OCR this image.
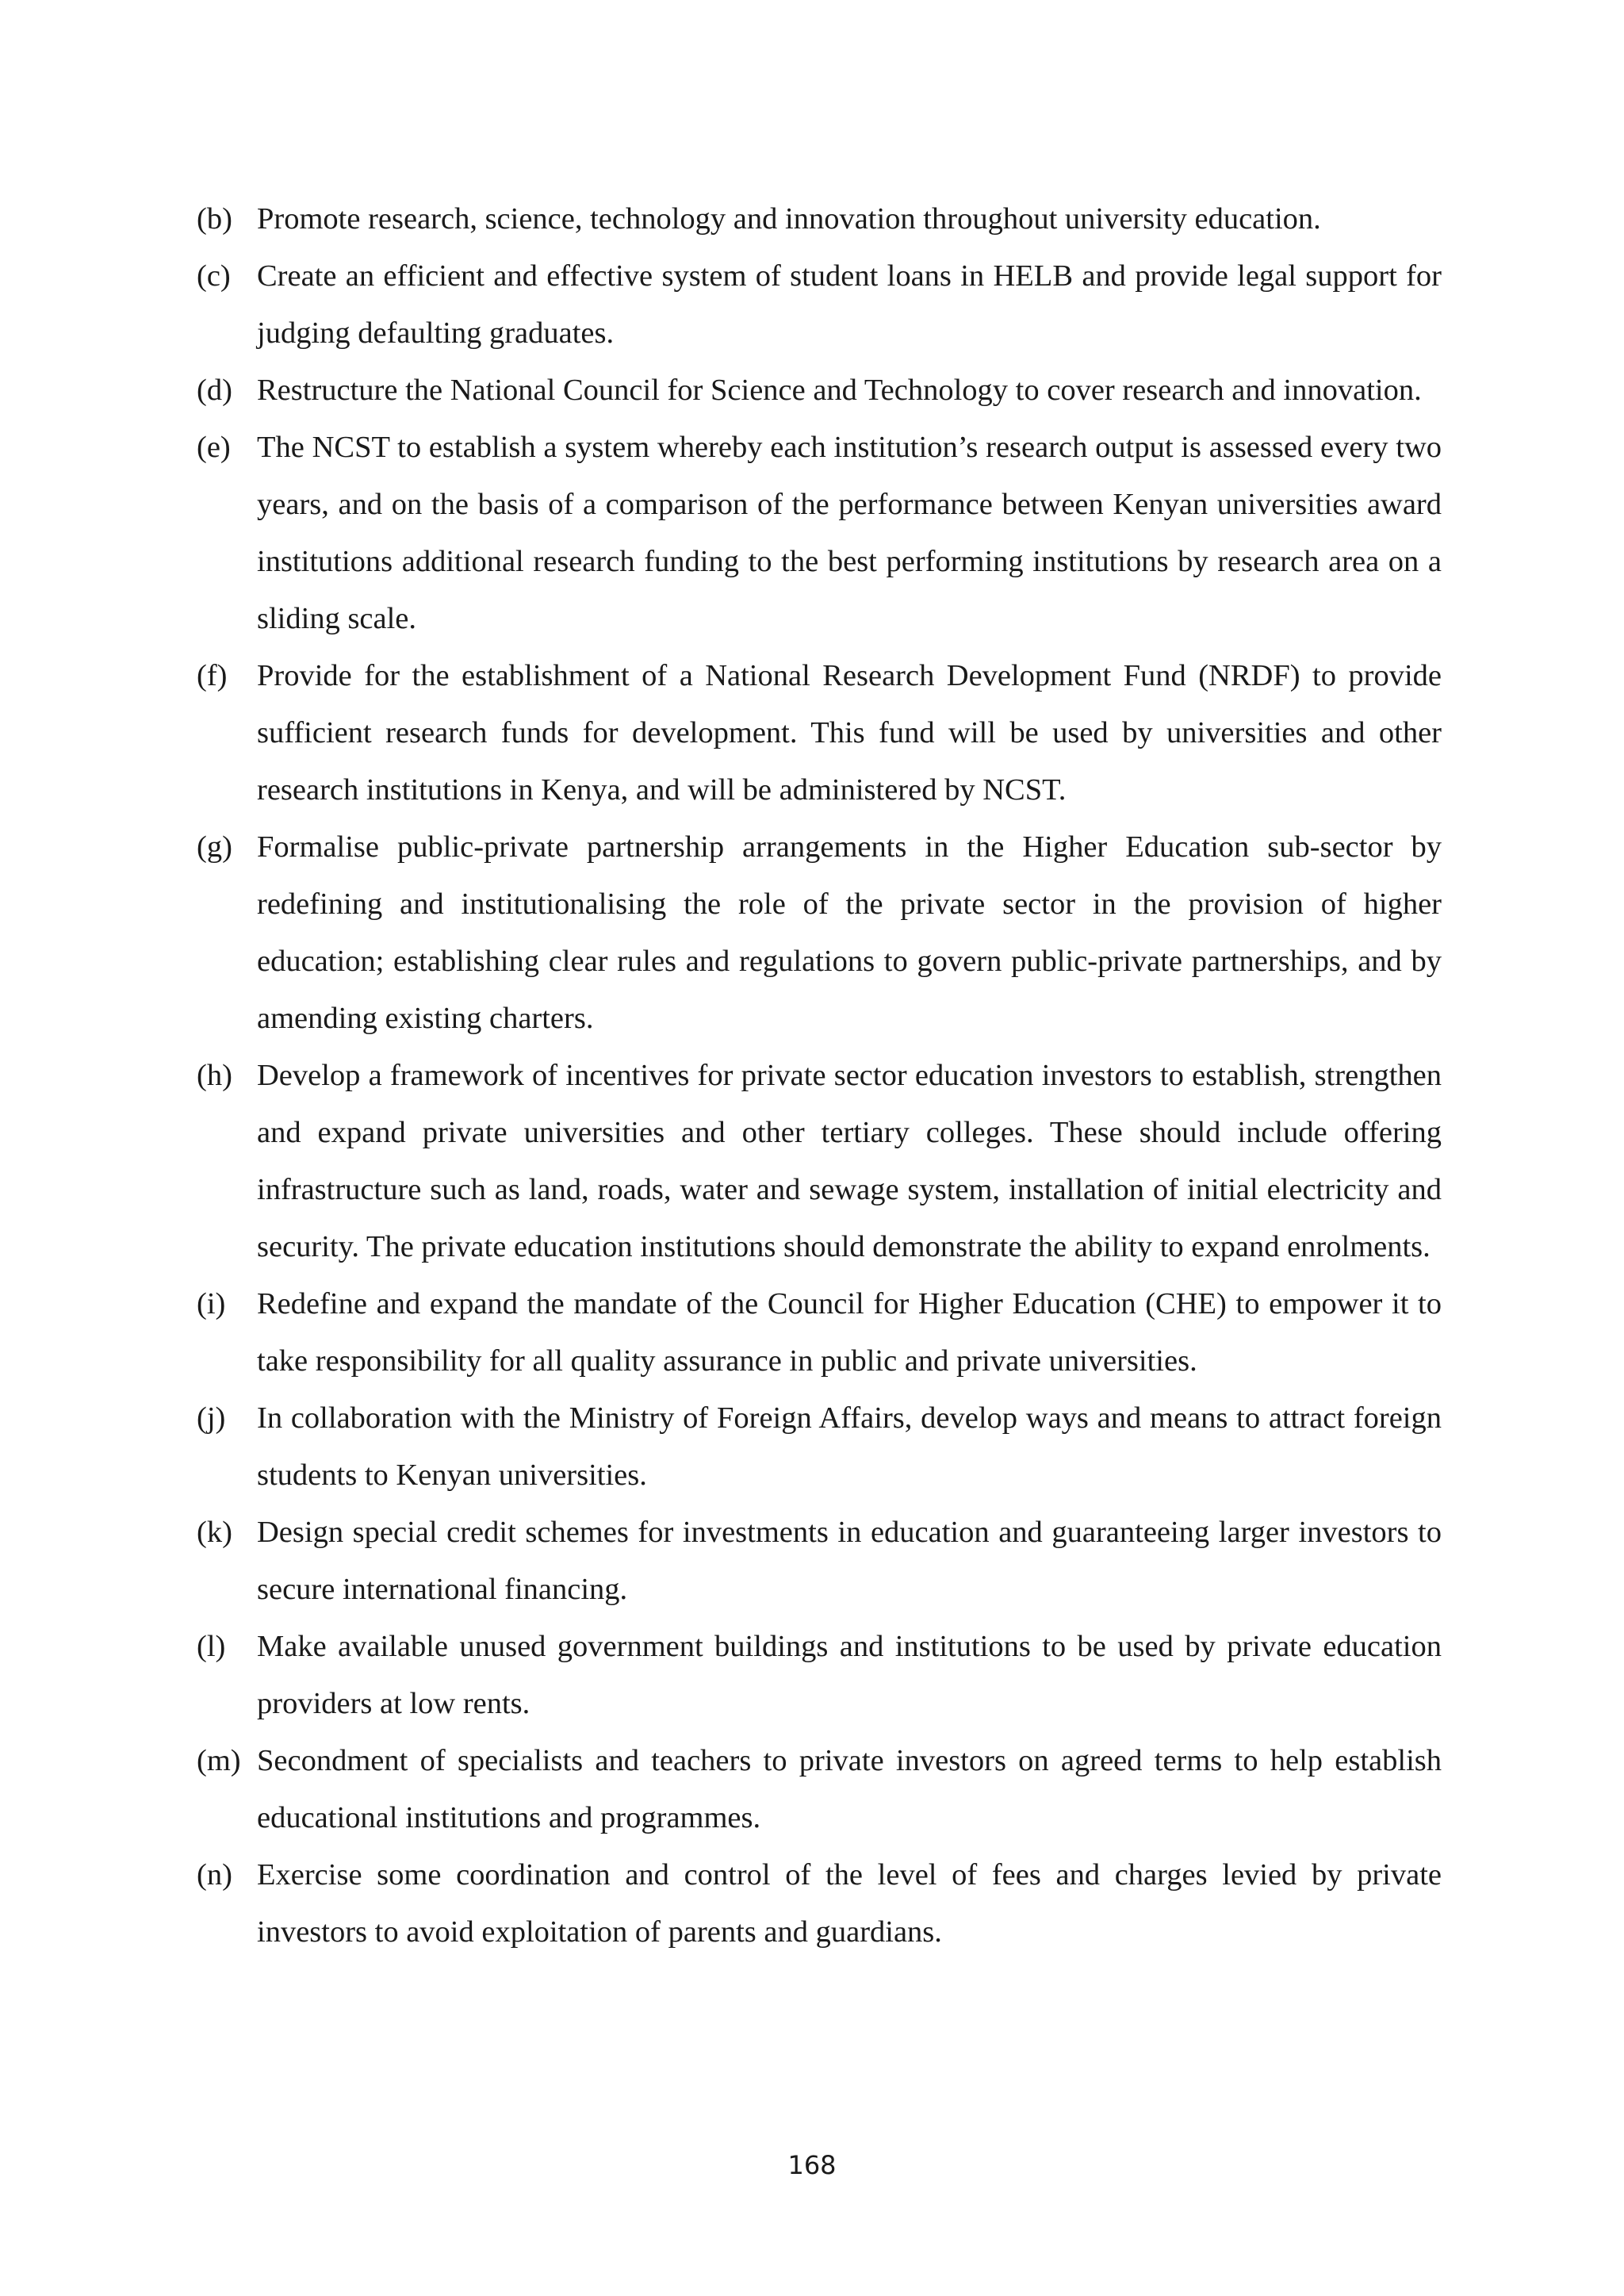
(b) Promote research, science, technology and innovation throughout university education.
(c) Create an efficient and effective system of student loans in HELB and provide legal support for judging defaulting graduates.
(d) Restructure the National Council for Science and Technology to cover research and innovation.
(e) The NCST to establish a system whereby each institution’s research output is assessed every two years, and on the basis of a comparison of the performance between Kenyan universities award institutions additional research funding to the best performing institutions by research area on a sliding scale.
(f) Provide for the establishment of a National Research Development Fund (NRDF) to provide sufficient research funds for development. This fund will be used by universities and other research institutions in Kenya, and will be administered by NCST.
(g) Formalise public-private partnership arrangements in the Higher Education sub-sector by redefining and institutionalising the role of the private sector in the provision of higher education; establishing clear rules and regulations to govern public-private partnerships, and by amending existing charters.
(h) Develop a framework of incentives for private sector education investors to establish, strengthen and expand private universities and other tertiary colleges. These should include offering infrastructure such as land, roads, water and sewage system, installation of initial electricity and security. The private education institutions should demonstrate the ability to expand enrolments.
(i) Redefine and expand the mandate of the Council for Higher Education (CHE) to empower it to take responsibility for all quality assurance in public and private universities.
(j) In collaboration with the Ministry of Foreign Affairs, develop ways and means to attract foreign students to Kenyan universities.
(k) Design special credit schemes for investments in education and guaranteeing larger investors to secure international financing.
(l) Make available unused government buildings and institutions to be used by private education providers at low rents.
(m) Secondment of specialists and teachers to private investors on agreed terms to help establish educational institutions and programmes.
(n) Exercise some coordination and control of the level of fees and charges levied by private investors to avoid exploitation of parents and guardians.
168
